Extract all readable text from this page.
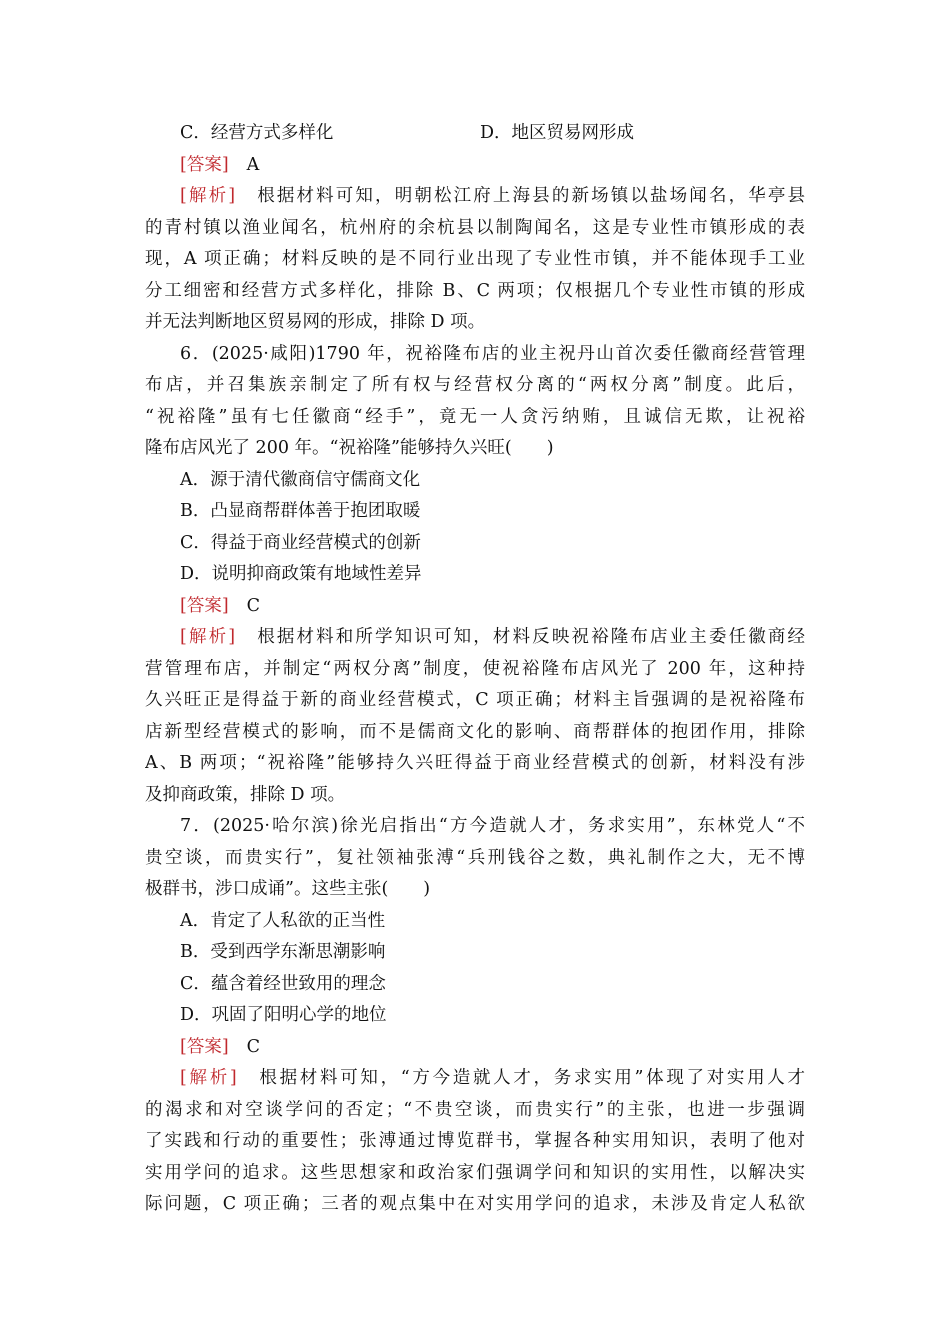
C．经营方式多样化	D．地区贸易网形成
[答案] A
[解析] 根据材料可知，明朝松江府上海县的新场镇以盐场闻名，华亭县
的青村镇以渔业闻名，杭州府的余杭县以制陶闻名，这是专业性市镇形成的表
现，A 项正确；材料反映的是不同行业出现了专业性市镇，并不能体现手工业
分工细密和经营方式多样化，排除 B、C 两项；仅根据几个专业性市镇的形成
并无法判断地区贸易网的形成，排除 D 项。
6．(2025·咸阳)1790 年，祝裕隆布店的业主祝丹山首次委任徽商经营管理
布店，并召集族亲制定了所有权与经营权分离的“两权分离”制度。此后，
“祝裕隆”虽有七任徽商“经手”，竟无一人贪污纳贿，且诚信无欺，让祝裕
隆布店风光了 200 年。“祝裕隆”能够持久兴旺(　　)
A．源于清代徽商信守儒商文化
B．凸显商帮群体善于抱团取暖
C．得益于商业经营模式的创新
D．说明抑商政策有地域性差异
[答案] C
[解析] 根据材料和所学知识可知，材料反映祝裕隆布店业主委任徽商经
营管理布店，并制定“两权分离”制度，使祝裕隆布店风光了 200 年，这种持
久兴旺正是得益于新的商业经营模式，C 项正确；材料主旨强调的是祝裕隆布
店新型经营模式的影响，而不是儒商文化的影响、商帮群体的抱团作用，排除
A、B 两项；“祝裕隆”能够持久兴旺得益于商业经营模式的创新，材料没有涉
及抑商政策，排除 D 项。
7．(2025·哈尔滨)徐光启指出“方今造就人才，务求实用”，东林党人“不
贵空谈，而贵实行”，复社领袖张溥“兵刑钱谷之数，典礼制作之大，无不博
极群书，涉口成诵”。这些主张(　　)
A．肯定了人私欲的正当性
B．受到西学东渐思潮影响
C．蕴含着经世致用的理念
D．巩固了阳明心学的地位
[答案] C
[解析] 根据材料可知，“方今造就人才，务求实用”体现了对实用人才
的渴求和对空谈学问的否定；“不贵空谈，而贵实行”的主张，也进一步强调
了实践和行动的重要性；张溥通过博览群书，掌握各种实用知识，表明了他对
实用学问的追求。这些思想家和政治家们强调学问和知识的实用性，以解决实
际问题，C 项正确；三者的观点集中在对实用学问的追求，未涉及肯定人私欲
